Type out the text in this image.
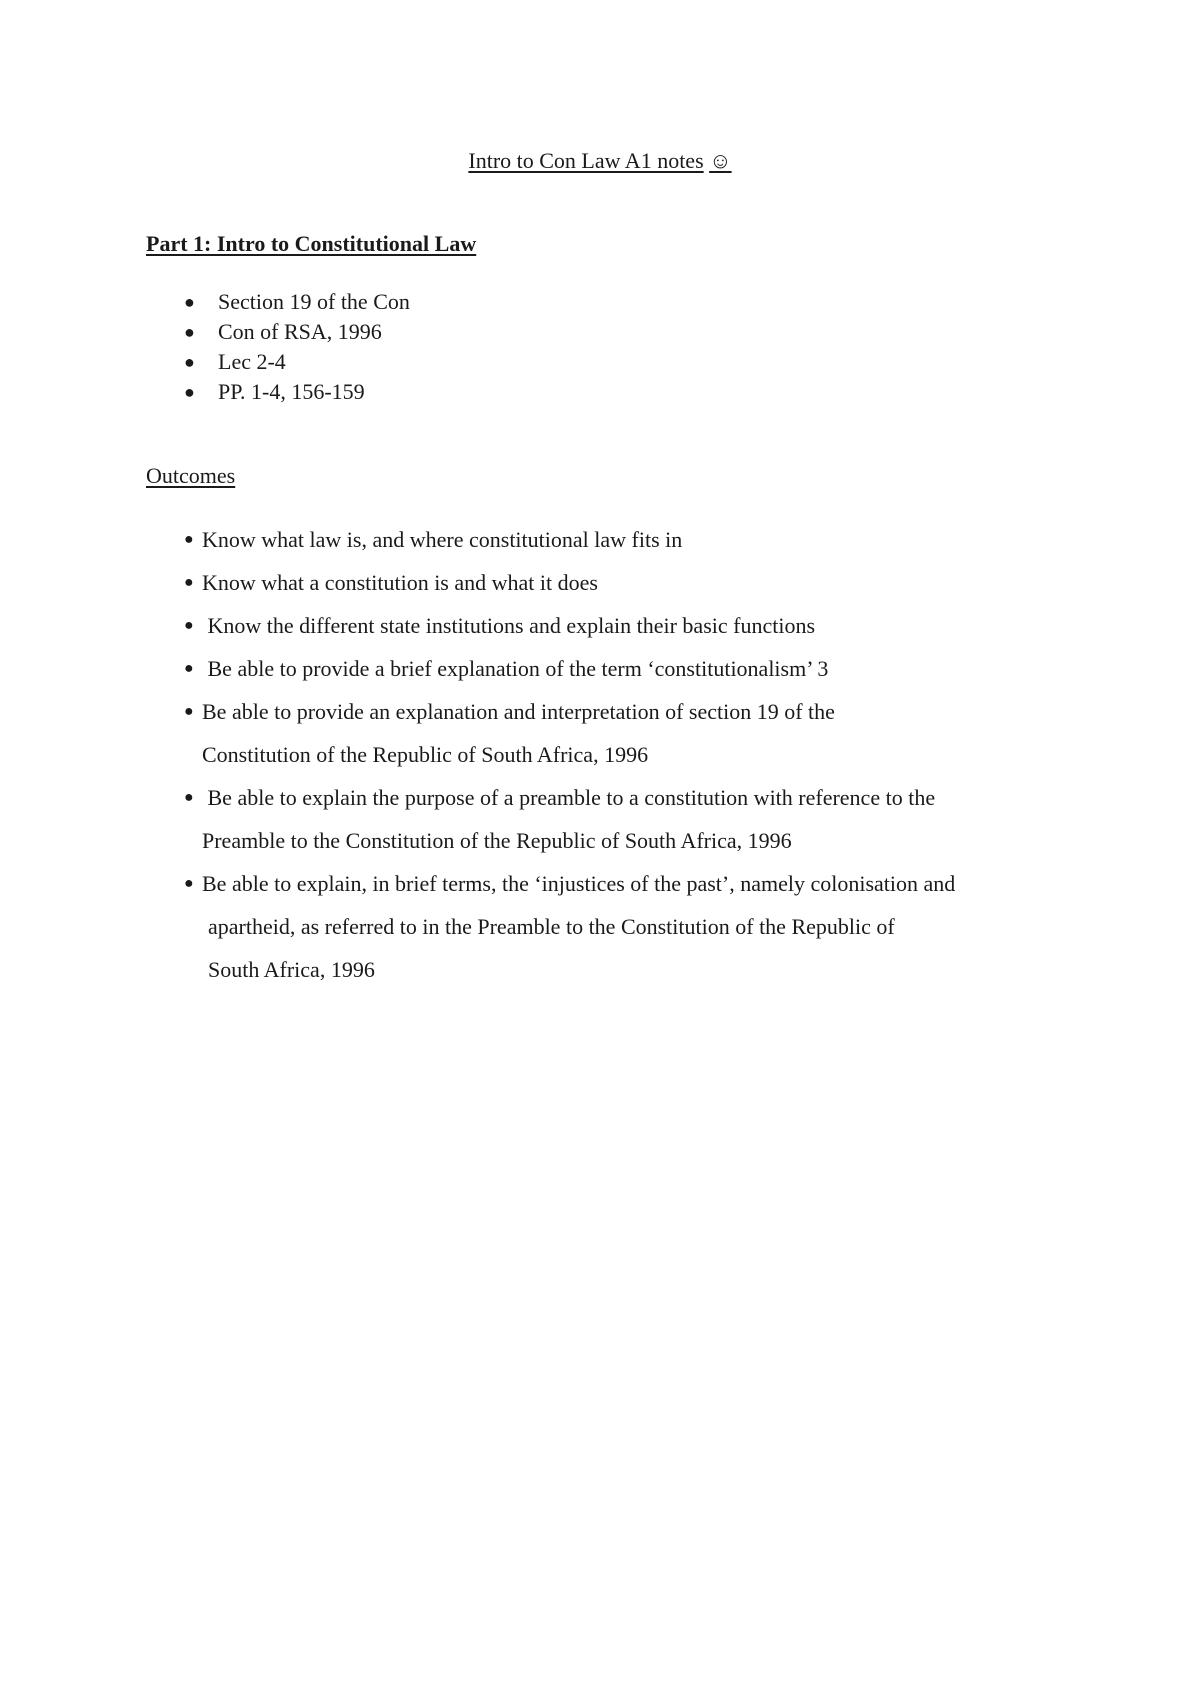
Intro to Con Law A1 notes ☺
Part 1: Intro to Constitutional Law
● Section 19 of the Con
● Con of RSA, 1996
● Lec 2-4
● PP. 1-4, 156-159
Outcomes
● Know what law is, and where constitutional law fits in
● Know what a constitution is and what it does
● Know the different state institutions and explain their basic functions
● Be able to provide a brief explanation of the term ‘constitutionalism’ 3
● Be able to provide an explanation and interpretation of section 19 of the
Constitution of the Republic of South Africa, 1996
● Be able to explain the purpose of a preamble to a constitution with reference to the
Preamble to the Constitution of the Republic of South Africa, 1996
● Be able to explain, in brief terms, the ‘injustices of the past’, namely colonisation and
apartheid, as referred to in the Preamble to the Constitution of the Republic of
South Africa, 1996
